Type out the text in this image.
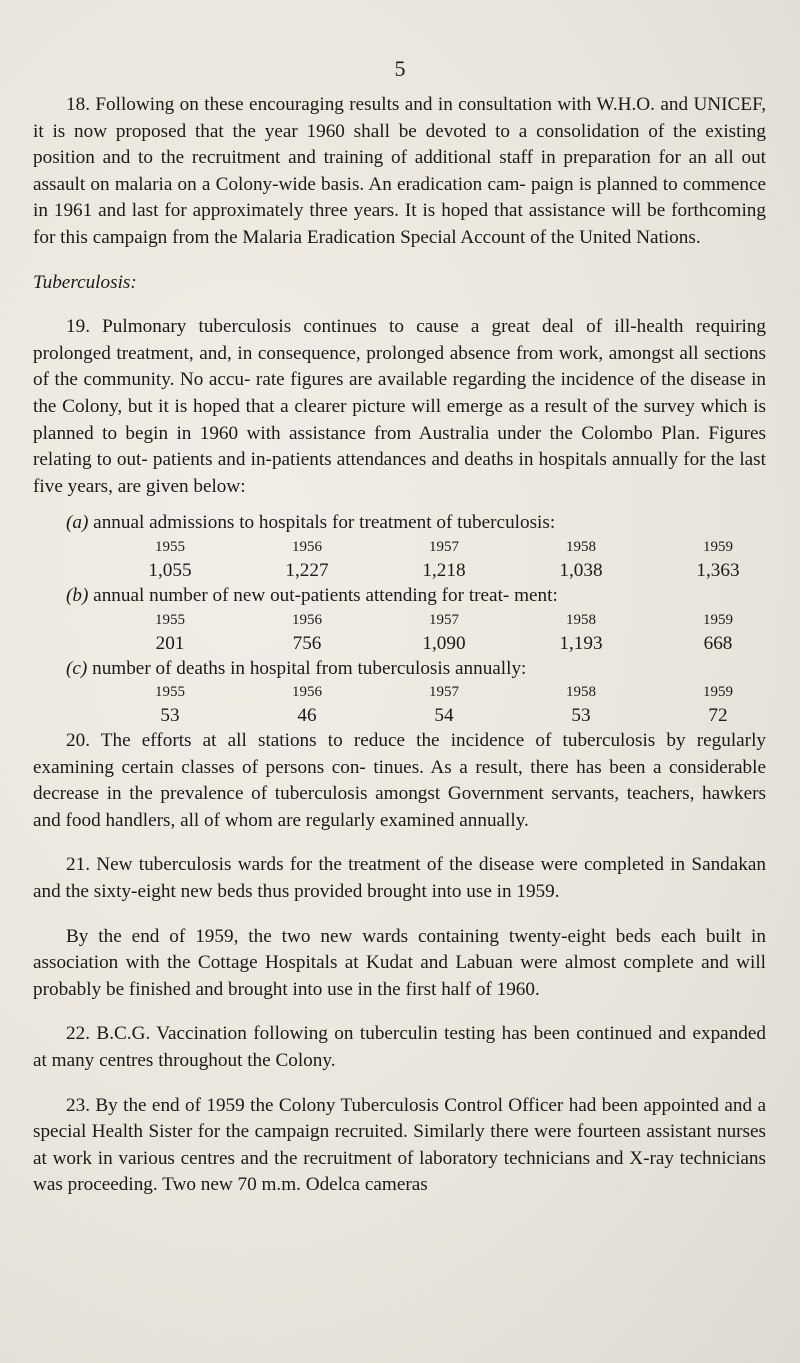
5

18. Following on these encouraging results and in consultation with W.H.O. and UNICEF, it is now proposed that the year 1960 shall be devoted to a consolidation of the existing position and to the recruitment and training of additional staff in preparation for an all out assault on malaria on a Colony-wide basis. An eradication cam- paign is planned to commence in 1961 and last for approximately three years. It is hoped that assistance will be forthcoming for this campaign from the Malaria Eradication Special Account of the United Nations.

Tuberculosis:

19. Pulmonary tuberculosis continues to cause a great deal of ill-health requiring prolonged treatment, and, in consequence, prolonged absence from work, amongst all sections of the community. No accu- rate figures are available regarding the incidence of the disease in the Colony, but it is hoped that a clearer picture will emerge as a result of the survey which is planned to begin in 1960 with assistance from Australia under the Colombo Plan. Figures relating to out- patients and in-patients attendances and deaths in hospitals annually for the last five years, are given below:

(a) annual admissions to hospitals for treatment of tuberculosis:

1955	1956	1957	1958	1959
1,055	1,227	1,218	1,038	1,363

(b) annual number of new out-patients attending for treat- ment:

1955	1956	1957	1958	1959
201	756	1,090	1,193	668

(c) number of deaths in hospital from tuberculosis annually:

1955	1956	1957	1958	1959
53	46	54	53	72

20. The efforts at all stations to reduce the incidence of tuberculosis by regularly examining certain classes of persons con- tinues. As a result, there has been a considerable decrease in the prevalence of tuberculosis amongst Government servants, teachers, hawkers and food handlers, all of whom are regularly examined annually.

21. New tuberculosis wards for the treatment of the disease were completed in Sandakan and the sixty-eight new beds thus provided brought into use in 1959.

By the end of 1959, the two new wards containing twenty-eight beds each built in association with the Cottage Hospitals at Kudat and Labuan were almost complete and will probably be finished and brought into use in the first half of 1960.

22. B.C.G. Vaccination following on tuberculin testing has been continued and expanded at many centres throughout the Colony.

23. By the end of 1959 the Colony Tuberculosis Control Officer had been appointed and a special Health Sister for the campaign recruited. Similarly there were fourteen assistant nurses at work in various centres and the recruitment of laboratory technicians and X-ray technicians was proceeding. Two new 70 m.m. Odelca cameras
